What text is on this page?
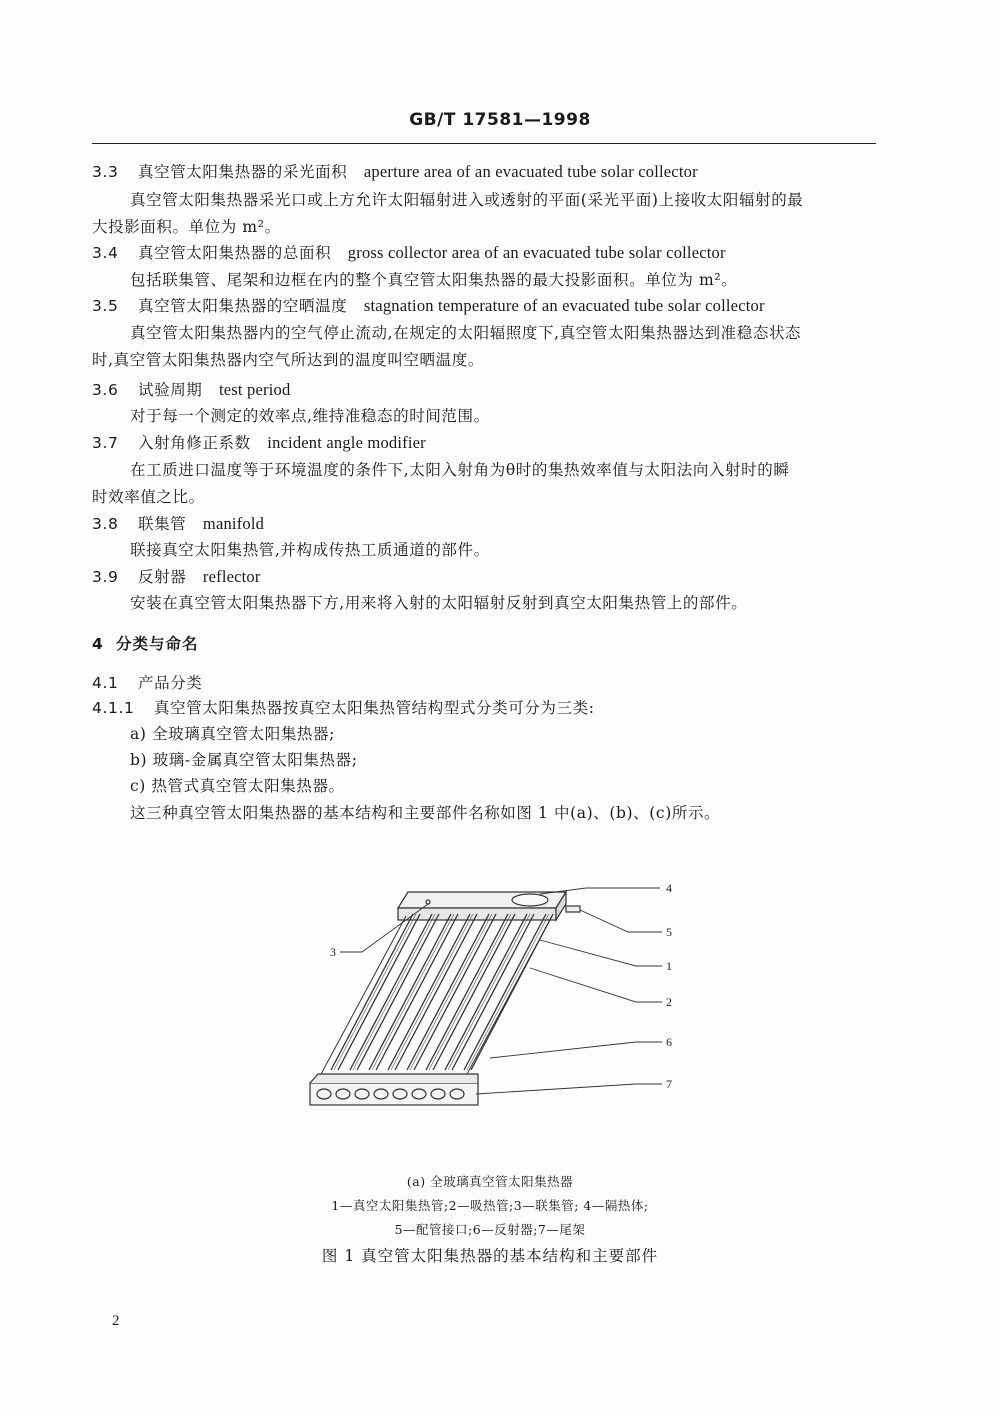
GB/T 17581—1998
3.3 真空管太阳集热器的采光面积 aperture area of an evacuated tube solar collector
真空管太阳集热器采光口或上方允许太阳辐射进入或透射的平面(采光平面)上接收太阳辐射的最
大投影面积。单位为 m²。
3.4 真空管太阳集热器的总面积 gross collector area of an evacuated tube solar collector
包括联集管、尾架和边框在内的整个真空管太阳集热器的最大投影面积。单位为 m²。
3.5 真空管太阳集热器的空晒温度 stagnation temperature of an evacuated tube solar collector
真空管太阳集热器内的空气停止流动,在规定的太阳辐照度下,真空管太阳集热器达到准稳态状态
时,真空管太阳集热器内空气所达到的温度叫空晒温度。
3.6 试验周期 test period
对于每一个测定的效率点,维持准稳态的时间范围。
3.7 入射角修正系数 incident angle modifier
在工质进口温度等于环境温度的条件下,太阳入射角为θ时的集热效率值与太阳法向入射时的瞬
时效率值之比。
3.8 联集管 manifold
联接真空太阳集热管,并构成传热工质通道的部件。
3.9 反射器 reflector
安装在真空管太阳集热器下方,用来将入射的太阳辐射反射到真空太阳集热管上的部件。
4 分类与命名
4.1 产品分类
4.1.1 真空管太阳集热器按真空太阳集热管结构型式分类可分为三类:
a) 全玻璃真空管太阳集热器;
b) 玻璃-金属真空管太阳集热器;
c) 热管式真空管太阳集热器。
这三种真空管太阳集热器的基本结构和主要部件名称如图 1 中(a)、(b)、(c)所示。
4
5
3
1
2
6
7
(a) 全玻璃真空管太阳集热器
1—真空太阳集热管;2—吸热管;3—联集管; 4—隔热体;
5—配管接口;6—反射器;7—尾架
图 1 真空管太阳集热器的基本结构和主要部件
2
